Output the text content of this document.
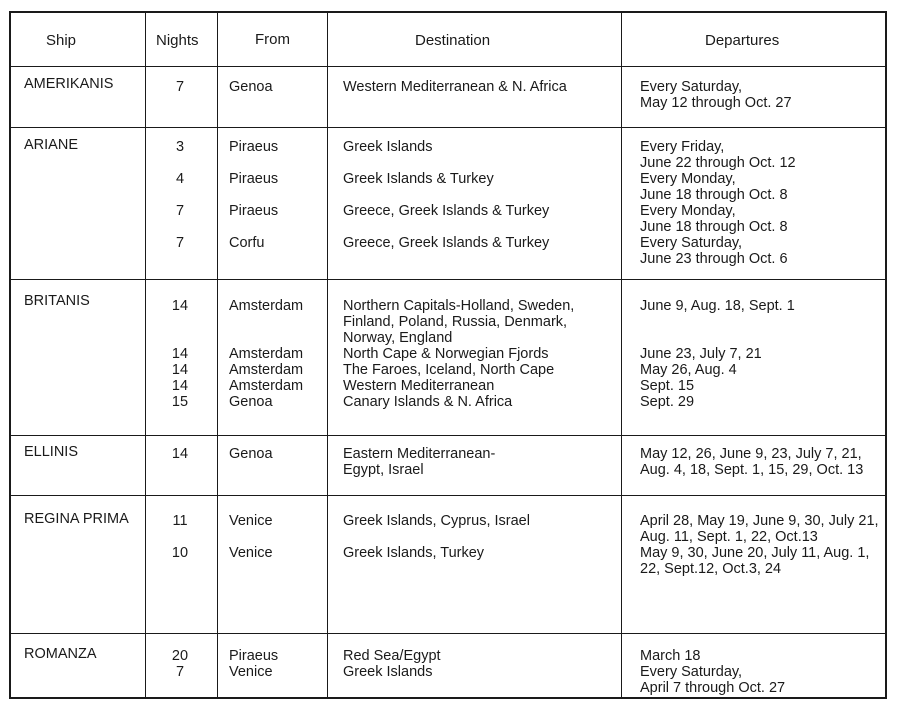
Ship	Nights	From	Destination	Departures
AMERIKANIS	7	Genoa	Western Mediterranean & N. Africa	Every Saturday,
May 12 through Oct. 27
ARIANE	3	Piraeus	Greek Islands	Every Friday,
June 22 through Oct. 12
4	Piraeus	Greek Islands & Turkey	Every Monday,
June 18 through Oct. 8
7	Piraeus	Greece, Greek Islands & Turkey	Every Monday,
June 18 through Oct. 8
7	Corfu	Greece, Greek Islands & Turkey	Every Saturday,
June 23 through Oct. 6
BRITANIS	14	Amsterdam	Northern Capitals-Holland, Sweden,
Finland, Poland, Russia, Denmark,
Norway, England
June 9, Aug. 18, Sept. 1
14	Amsterdam	North Cape & Norwegian Fjords	June 23, July 7, 21
14	Amsterdam	The Faroes, Iceland, North Cape	May 26, Aug. 4
14	Amsterdam	Western Mediterranean	Sept. 15
15	Genoa	Canary Islands & N. Africa	Sept. 29
ELLINIS	14	Genoa	Eastern Mediterranean-
Egypt, Israel
May 12, 26, June 9, 23, July 7, 21,
Aug. 4, 18, Sept. 1, 15, 29, Oct. 13
REGINA PRIMA	11	Venice	Greek Islands, Cyprus, Israel	April 28, May 19, June 9, 30, July 21,
Aug. 11, Sept. 1, 22, Oct.13
10	Venice	Greek Islands, Turkey	May 9, 30, June 20, July 11, Aug. 1,
22, Sept.12, Oct.3, 24
ROMANZA	20	Piraeus	Red Sea/Egypt	March 18
7	Venice	Greek Islands	Every Saturday,
April 7 through Oct. 27
